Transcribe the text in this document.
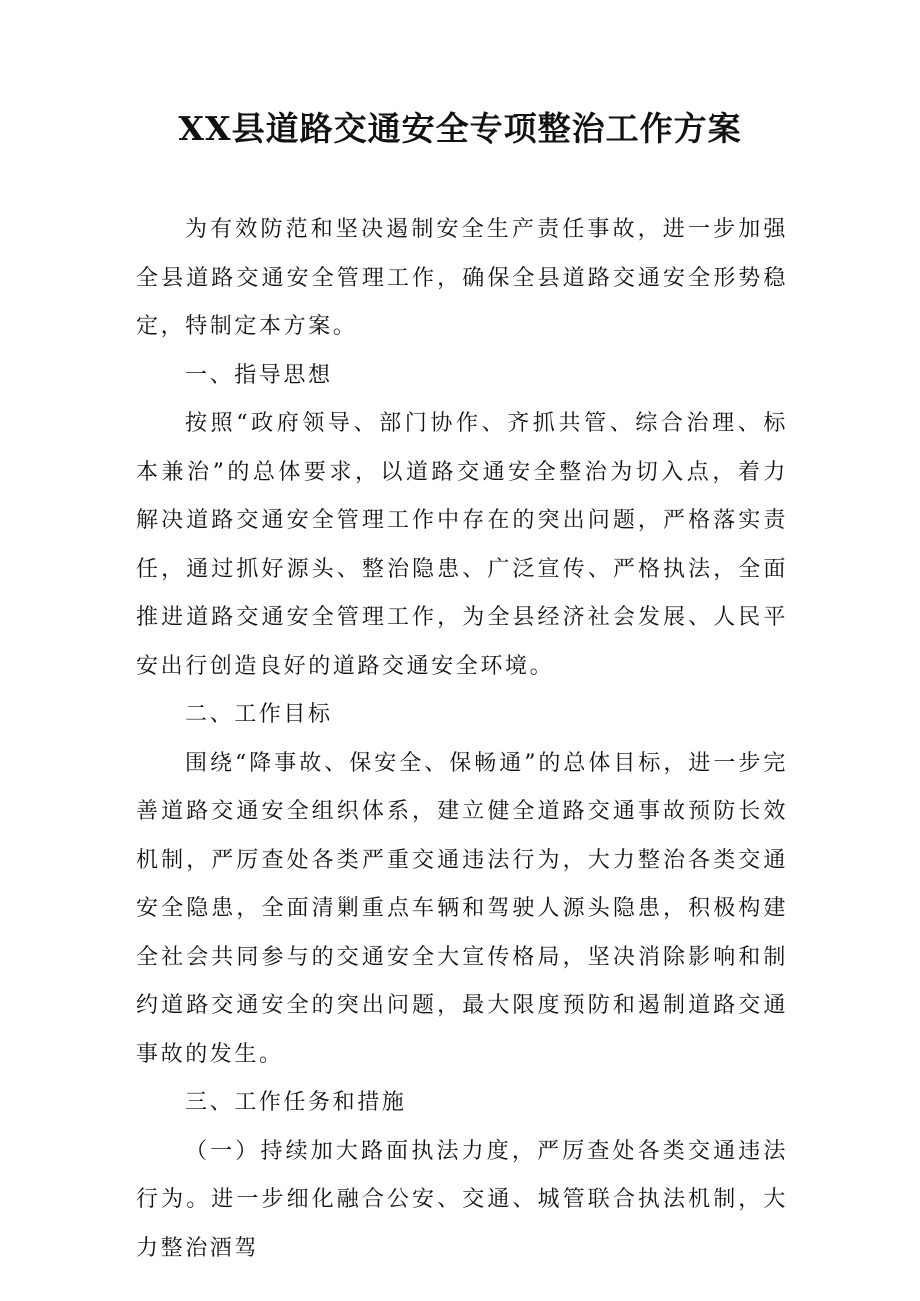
XX县道路交通安全专项整治工作方案

为有效防范和坚决遏制安全生产责任事故，进一步加强全县道路交通安全管理工作，确保全县道路交通安全形势稳定，特制定本方案。

一、指导思想

按照“政府领导、部门协作、齐抓共管、综合治理、标本兼治”的总体要求，以道路交通安全整治为切入点，着力解决道路交通安全管理工作中存在的突出问题，严格落实责任，通过抓好源头、整治隐患、广泛宣传、严格执法，全面推进道路交通安全管理工作，为全县经济社会发展、人民平安出行创造良好的道路交通安全环境。

二、工作目标

围绕“降事故、保安全、保畅通”的总体目标，进一步完善道路交通安全组织体系，建立健全道路交通事故预防长效机制，严厉查处各类严重交通违法行为，大力整治各类交通安全隐患，全面清剿重点车辆和驾驶人源头隐患，积极构建全社会共同参与的交通安全大宣传格局，坚决消除影响和制约道路交通安全的突出问题，最大限度预防和遏制道路交通事故的发生。

三、工作任务和措施

（一）持续加大路面执法力度，严厉查处各类交通违法行为。进一步细化融合公安、交通、城管联合执法机制，大力整治酒驾
